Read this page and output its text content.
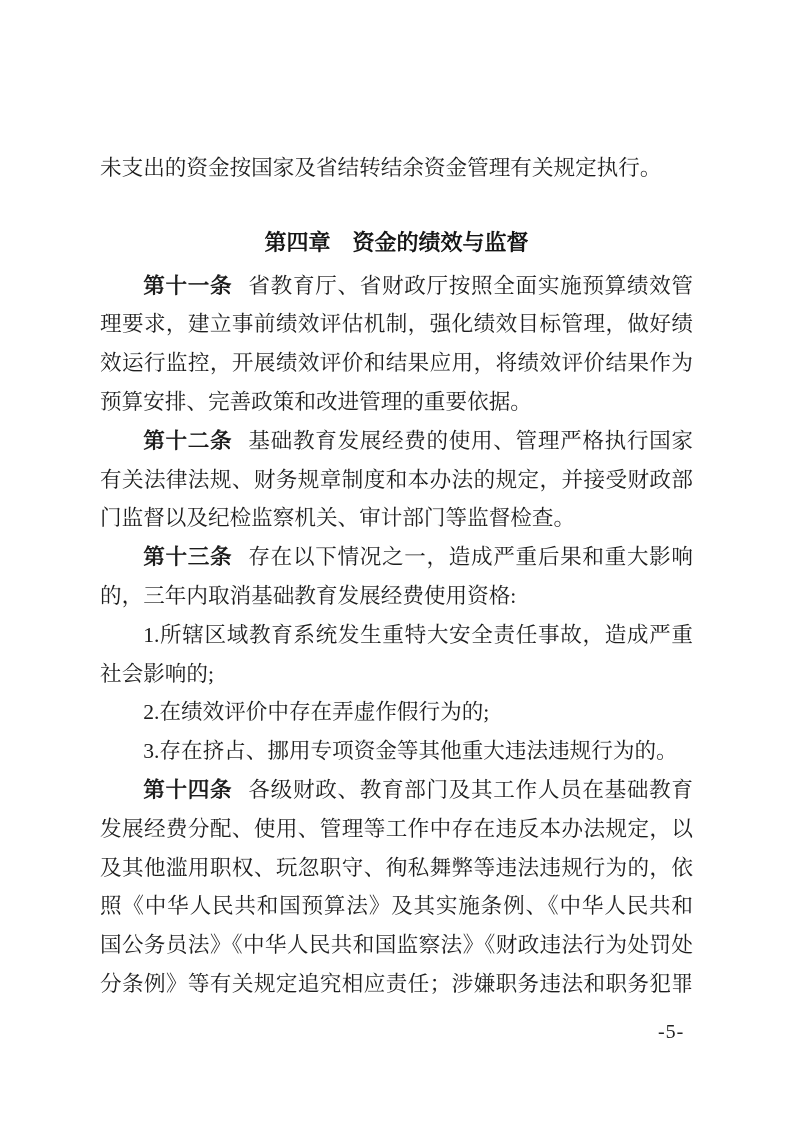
未支出的资金按国家及省结转结余资金管理有关规定执行。

第四章　资金的绩效与监督

第十一条 省教育厅、省财政厅按照全面实施预算绩效管理要求，建立事前绩效评估机制，强化绩效目标管理，做好绩效运行监控，开展绩效评价和结果应用，将绩效评价结果作为预算安排、完善政策和改进管理的重要依据。

第十二条 基础教育发展经费的使用、管理严格执行国家有关法律法规、财务规章制度和本办法的规定，并接受财政部门监督以及纪检监察机关、审计部门等监督检查。

第十三条 存在以下情况之一，造成严重后果和重大影响的，三年内取消基础教育发展经费使用资格:

1.所辖区域教育系统发生重特大安全责任事故，造成严重社会影响的;

2.在绩效评价中存在弄虚作假行为的;

3.存在挤占、挪用专项资金等其他重大违法违规行为的。

第十四条 各级财政、教育部门及其工作人员在基础教育发展经费分配、使用、管理等工作中存在违反本办法规定，以及其他滥用职权、玩忽职守、徇私舞弊等违法违规行为的，依照《中华人民共和国预算法》及其实施条例、《中华人民共和国公务员法》《中华人民共和国监察法》《财政违法行为处罚处分条例》等有关规定追究相应责任；涉嫌职务违法和职务犯罪

-5-
